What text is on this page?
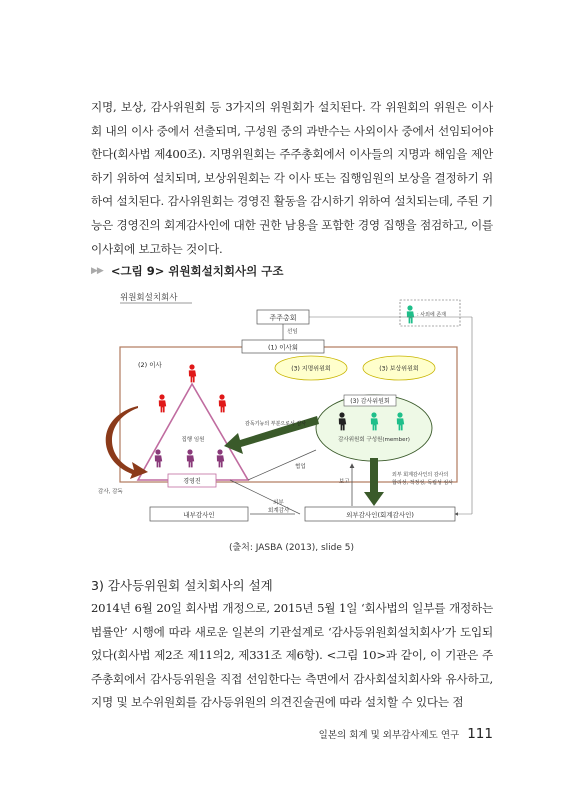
지명, 보상, 감사위원회 등 3가지의 위원회가 설치된다. 각 위원회의 위원은 이사회 내의 이사 중에서 선출되며, 구성원 중의 과반수는 사외이사 중에서 선임되어야 한다(회사법 제400조). 지명위원회는 주주총회에서 이사들의 지명과 해임을 제안하기 위하여 설치되며, 보상위원회는 각 이사 또는 집행임원의 보상을 결정하기 위하여 설치된다. 감사위원회는 경영진 활동을 감시하기 위하여 설치되는데, 주된 기능은 경영진의 회계감사인에 대한 권한 남용을 포함한 경영 집행을 점검하고, 이를 이사회에 보고하는 것이다.

▶▶ <그림 9> 위원회설치회사의 구조
위원회설치회사
: 사외에 존재
주주총회
선임
(1) 이사회
(2) 이사
집행 임원
경영진
감사, 감독
(3) 지명위원회	(3) 보상위원회
(3) 감사위원회
감사위원회 구성원(member)
감독기능의 부분으로서 감사
외부 회계감사인의 감사의
합리성, 적정성, 독립성 심사
보고
협업
외부
회계감사
내부감사인	외부감사인(회계감사인)
(출처: JASBA (2013), slide 5)
3) 감사등위원회 설치회사의 설계

2014년 6월 20일 회사법 개정으로, 2015년 5월 1일 ‘회사법의 일부를 개정하는 법률안’ 시행에 따라 새로운 일본의 기관설계로 ‘감사등위원회설치회사’가 도입되었다(회사법 제2조 제11의2, 제331조 제6항). <그림 10>과 같이, 이 기관은 주주총회에서 감사등위원을 직접 선임한다는 측면에서 감사회설치회사와 유사하고, 지명 및 보수위원회를 감사등위원의 의견진술권에 따라 설치할 수 있다는 점

일본의 회계 및 외부감사제도 연구 111
